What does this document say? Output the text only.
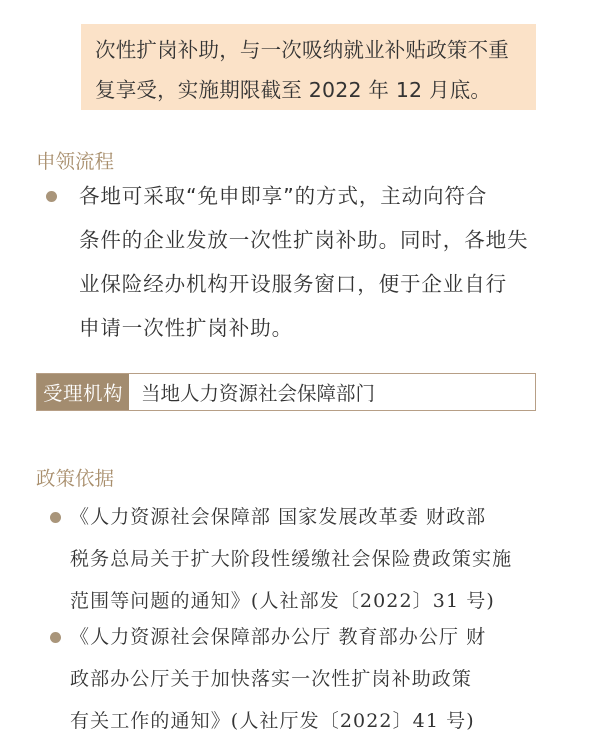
次性扩岗补助，与一次吸纳就业补贴政策不重
复享受，实施期限截至 2022 年 12 月底。
申领流程
各地可采取“免申即享”的方式，主动向符合
条件的企业发放一次性扩岗补助。同时，各地失
业保险经办机构开设服务窗口，便于企业自行
申请一次性扩岗补助。
受理机构 当地人力资源社会保障部门
政策依据
《人力资源社会保障部 国家发展改革委 财政部
税务总局关于扩大阶段性缓缴社会保险费政策实施
范围等问题的通知》(人社部发〔2022〕31 号)
《人力资源社会保障部办公厅 教育部办公厅 财
政部办公厅关于加快落实一次性扩岗补助政策
有关工作的通知》(人社厅发〔2022〕41 号)
